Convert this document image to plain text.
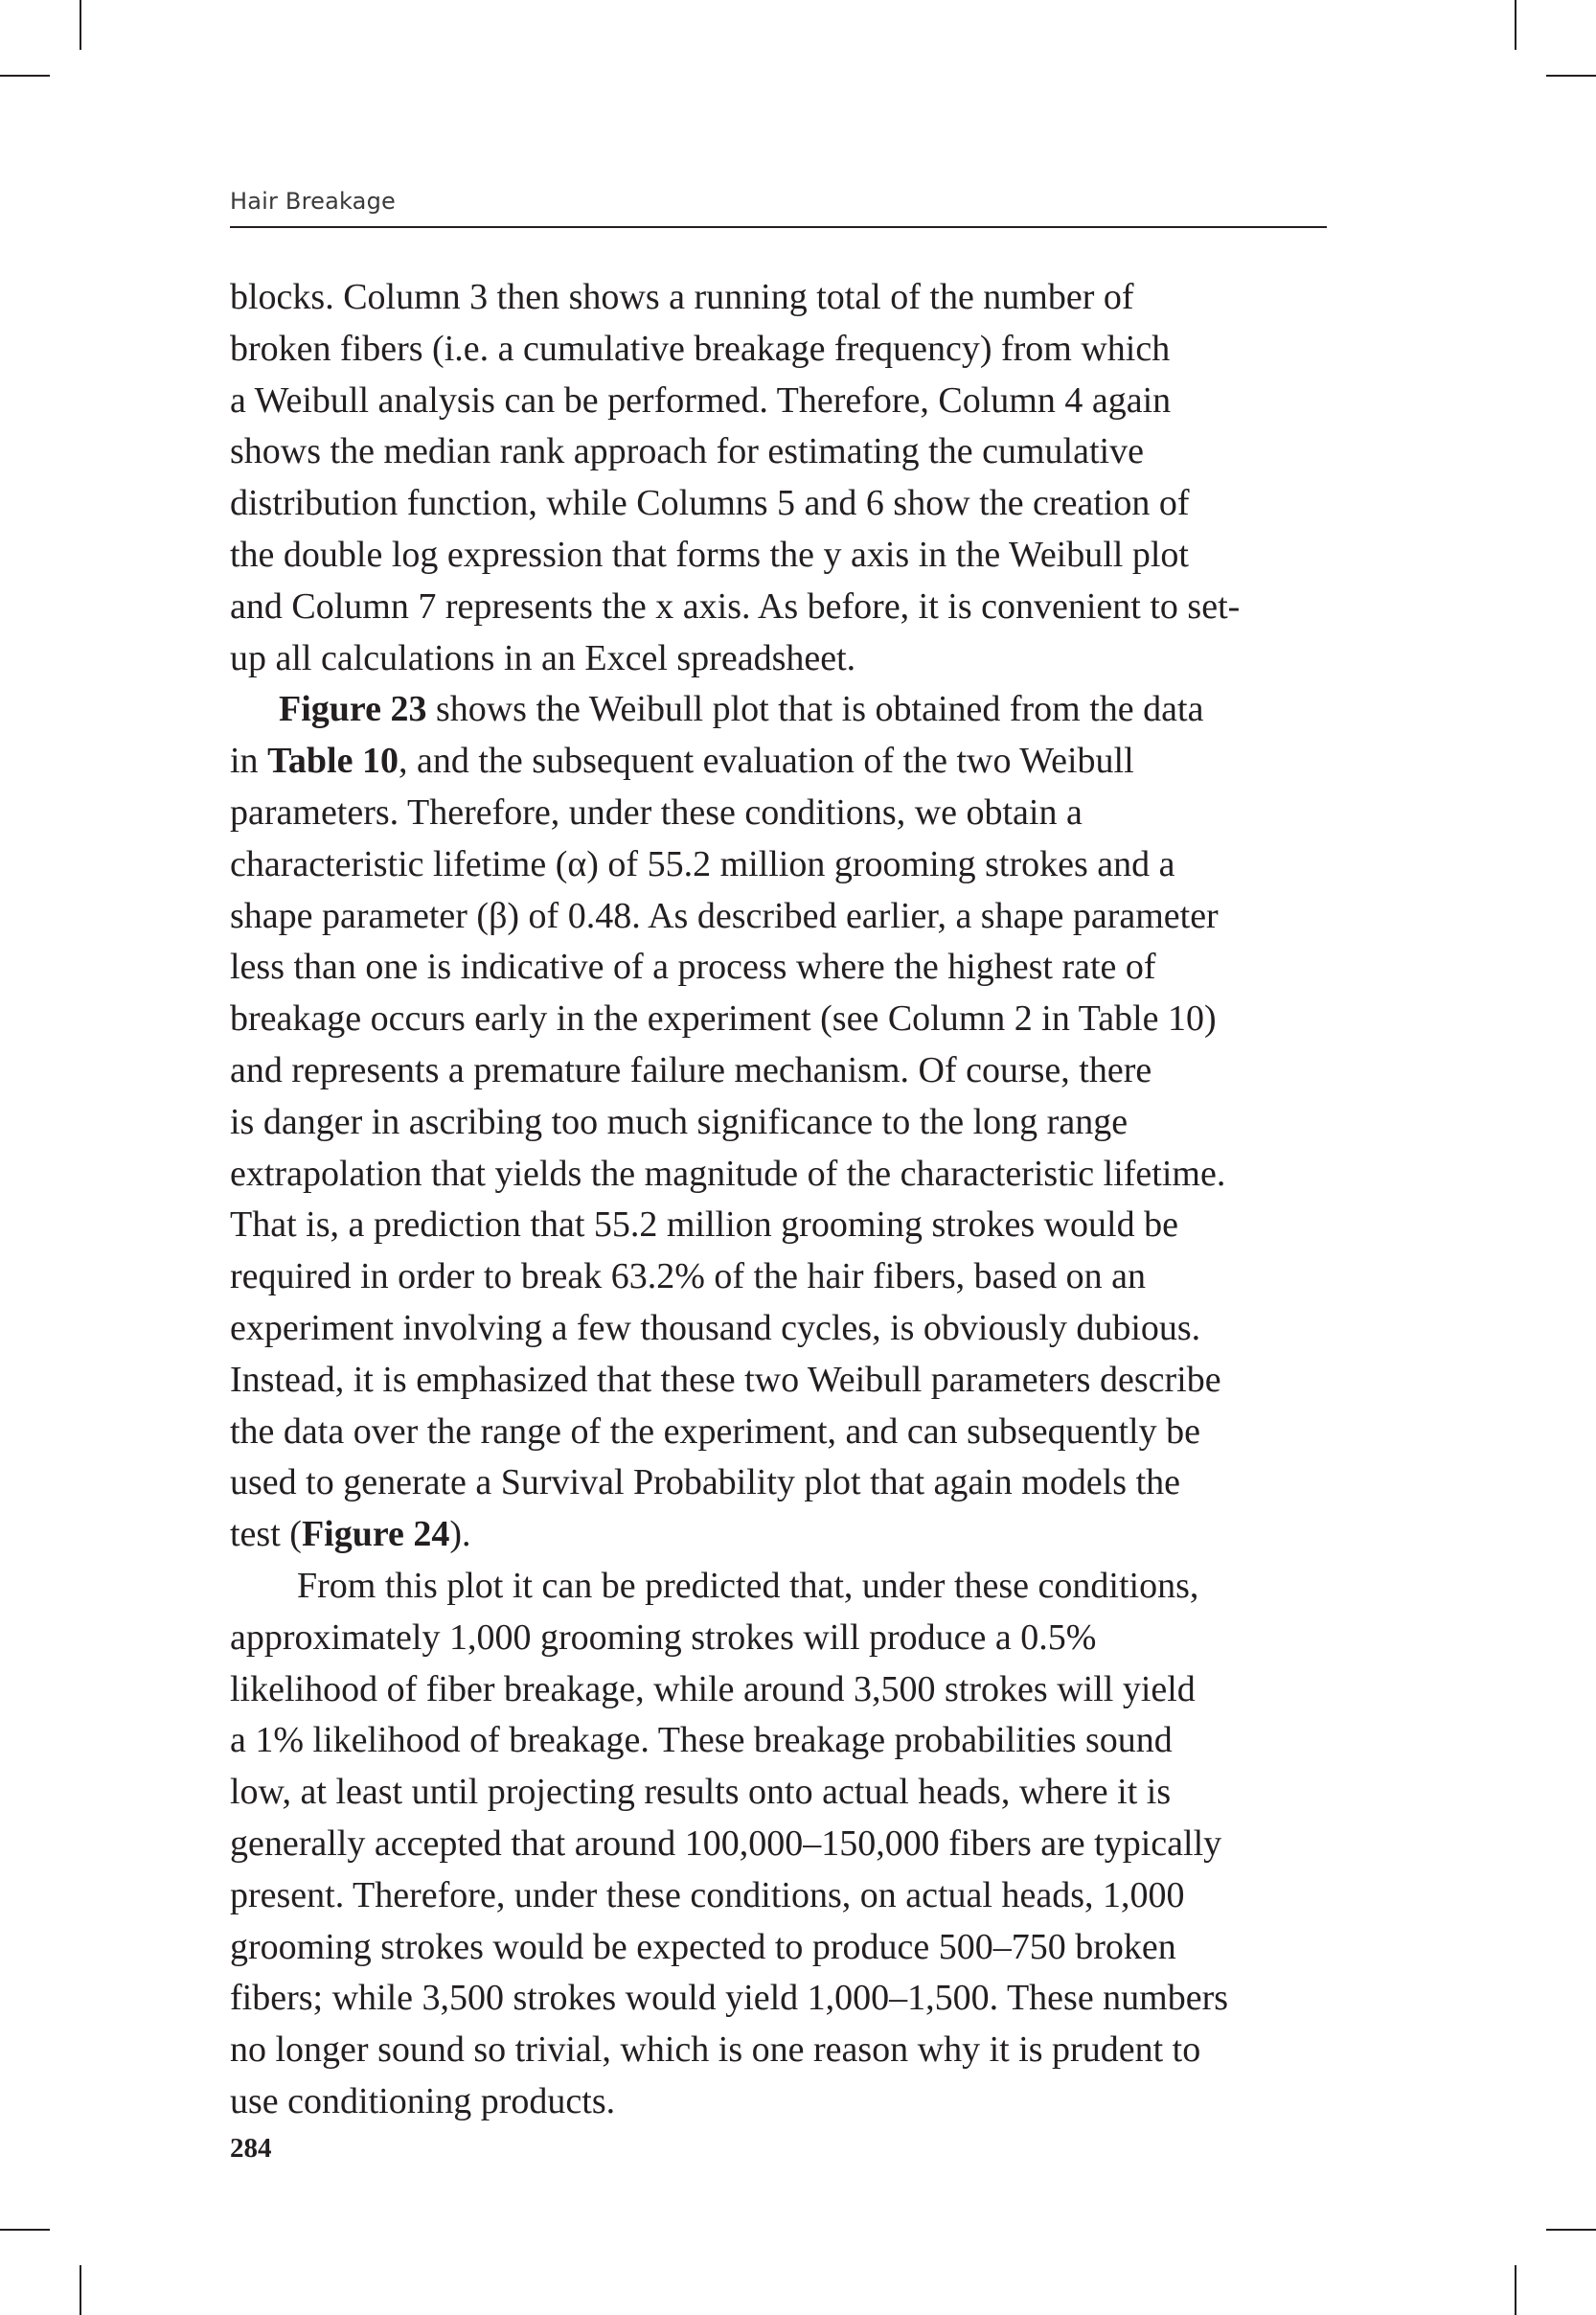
Hair Breakage

blocks. Column 3 then shows a running total of the number of
broken fibers (i.e. a cumulative breakage frequency) from which
a Weibull analysis can be performed. Therefore, Column 4 again
shows the median rank approach for estimating the cumulative
distribution function, while Columns 5 and 6 show the creation of
the double log expression that forms the y axis in the Weibull plot
and Column 7 represents the x axis. As before, it is convenient to set-
up all calculations in an Excel spreadsheet.

Figure 23 shows the Weibull plot that is obtained from the data
in Table 10, and the subsequent evaluation of the two Weibull
parameters. Therefore, under these conditions, we obtain a
characteristic lifetime (α) of 55.2 million grooming strokes and a
shape parameter (β) of 0.48. As described earlier, a shape parameter
less than one is indicative of a process where the highest rate of
breakage occurs early in the experiment (see Column 2 in Table 10)
and represents a premature failure mechanism. Of course, there
is danger in ascribing too much significance to the long range
extrapolation that yields the magnitude of the characteristic lifetime.
That is, a prediction that 55.2 million grooming strokes would be
required in order to break 63.2% of the hair fibers, based on an
experiment involving a few thousand cycles, is obviously dubious.
Instead, it is emphasized that these two Weibull parameters describe
the data over the range of the experiment, and can subsequently be
used to generate a Survival Probability plot that again models the
test (Figure 24).

From this plot it can be predicted that, under these conditions,
approximately 1,000 grooming strokes will produce a 0.5%
likelihood of fiber breakage, while around 3,500 strokes will yield
a 1% likelihood of breakage. These breakage probabilities sound
low, at least until projecting results onto actual heads, where it is
generally accepted that around 100,000–150,000 fibers are typically
present. Therefore, under these conditions, on actual heads, 1,000
grooming strokes would be expected to produce 500–750 broken
fibers; while 3,500 strokes would yield 1,000–1,500. These numbers
no longer sound so trivial, which is one reason why it is prudent to
use conditioning products.

284
